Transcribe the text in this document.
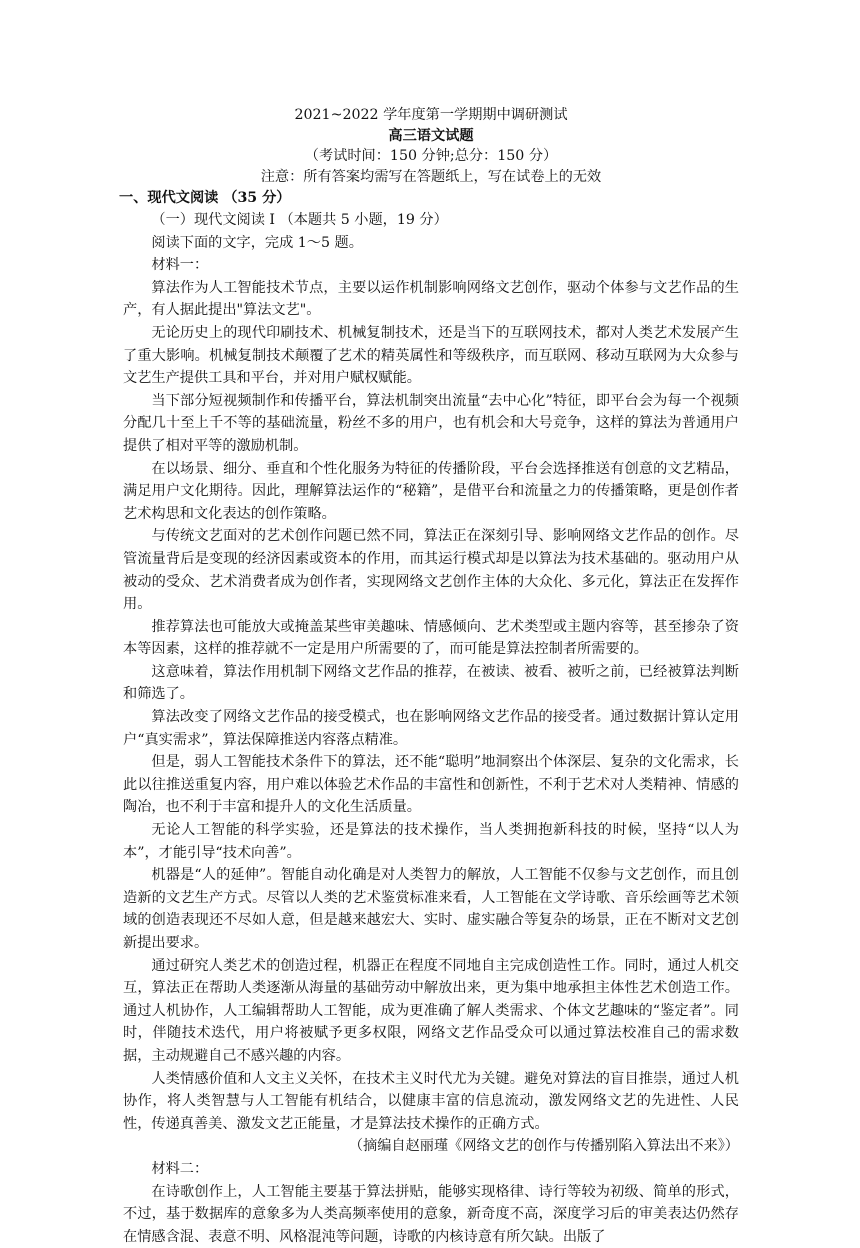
2021~2022 学年度第一学期期中调研测试
高三语文试题
（考试时间：150 分钟;总分：150 分）
注意：所有答案均需写在答题纸上，写在试卷上的无效
一、现代文阅读 （35 分）
（一）现代文阅读 I （本题共 5 小题，19 分）
阅读下面的文字，完成 1～5 题。
材料一：
算法作为人工智能技术节点，主要以运作机制影响网络文艺创作，驱动个体参与文艺作品的生产，有人据此提出"算法文艺"。
无论历史上的现代印刷技术、机械复制技术，还是当下的互联网技术，都对人类艺术发展产生了重大影响。机械复制技术颠覆了艺术的精英属性和等级秩序，而互联网、移动互联网为大众参与文艺生产提供工具和平台，并对用户赋权赋能。
当下部分短视频制作和传播平台，算法机制突出流量“去中心化”特征，即平台会为每一个视频分配几十至上千不等的基础流量，粉丝不多的用户，也有机会和大号竞争，这样的算法为普通用户提供了相对平等的激励机制。
在以场景、细分、垂直和个性化服务为特征的传播阶段，平台会选择推送有创意的文艺精品，满足用户文化期待。因此，理解算法运作的“秘籍”，是借平台和流量之力的传播策略，更是创作者艺术构思和文化表达的创作策略。
与传统文艺面对的艺术创作问题已然不同，算法正在深刻引导、影响网络文艺作品的创作。尽管流量背后是变现的经济因素或资本的作用，而其运行模式却是以算法为技术基础的。驱动用户从被动的受众、艺术消费者成为创作者，实现网络文艺创作主体的大众化、多元化，算法正在发挥作用。
推荐算法也可能放大或掩盖某些审美趣味、情感倾向、艺术类型或主题内容等，甚至掺杂了资本等因素，这样的推荐就不一定是用户所需要的了，而可能是算法控制者所需要的。
这意味着，算法作用机制下网络文艺作品的推荐，在被读、被看、被听之前，已经被算法判断和筛选了。
算法改变了网络文艺作品的接受模式，也在影响网络文艺作品的接受者。通过数据计算认定用户“真实需求”，算法保障推送内容落点精准。
但是，弱人工智能技术条件下的算法，还不能“聪明”地洞察出个体深层、复杂的文化需求，长此以往推送重复内容，用户难以体验艺术作品的丰富性和创新性，不利于艺术对人类精神、情感的陶冶，也不利于丰富和提升人的文化生活质量。
无论人工智能的科学实验，还是算法的技术操作，当人类拥抱新科技的时候，坚持“以人为本”，才能引导“技术向善”。
机器是“人的延伸”。智能自动化确是对人类智力的解放，人工智能不仅参与文艺创作，而且创造新的文艺生产方式。尽管以人类的艺术鉴赏标准来看，人工智能在文学诗歌、音乐绘画等艺术领域的创造表现还不尽如人意，但是越来越宏大、实时、虚实融合等复杂的场景，正在不断对文艺创新提出要求。
通过研究人类艺术的创造过程，机器正在程度不同地自主完成创造性工作。同时，通过人机交互，算法正在帮助人类逐渐从海量的基础劳动中解放出来，更为集中地承担主体性艺术创造工作。通过人机协作，人工编辑帮助人工智能，成为更准确了解人类需求、个体文艺趣味的“鉴定者”。同时，伴随技术迭代，用户将被赋予更多权限，网络文艺作品受众可以通过算法校准自己的需求数据，主动规避自己不感兴趣的内容。
人类情感价值和人文主义关怀，在技术主义时代尤为关键。避免对算法的盲目推崇，通过人机协作，将人类智慧与人工智能有机结合，以健康丰富的信息流动，激发网络文艺的先进性、人民性，传递真善美、激发文艺正能量，才是算法技术操作的正确方式。
（摘编自赵丽瑾《网络文艺的创作与传播别陷入算法出不来》）
材料二：
在诗歌创作上，人工智能主要基于算法拼贴，能够实现格律、诗行等较为初级、简单的形式，不过，基于数据库的意象多为人类高频率使用的意象，新奇度不高，深度学习后的审美表达仍然存在情感含混、表意不明、风格混沌等问题，诗歌的内核诗意有所欠缺。出版了
